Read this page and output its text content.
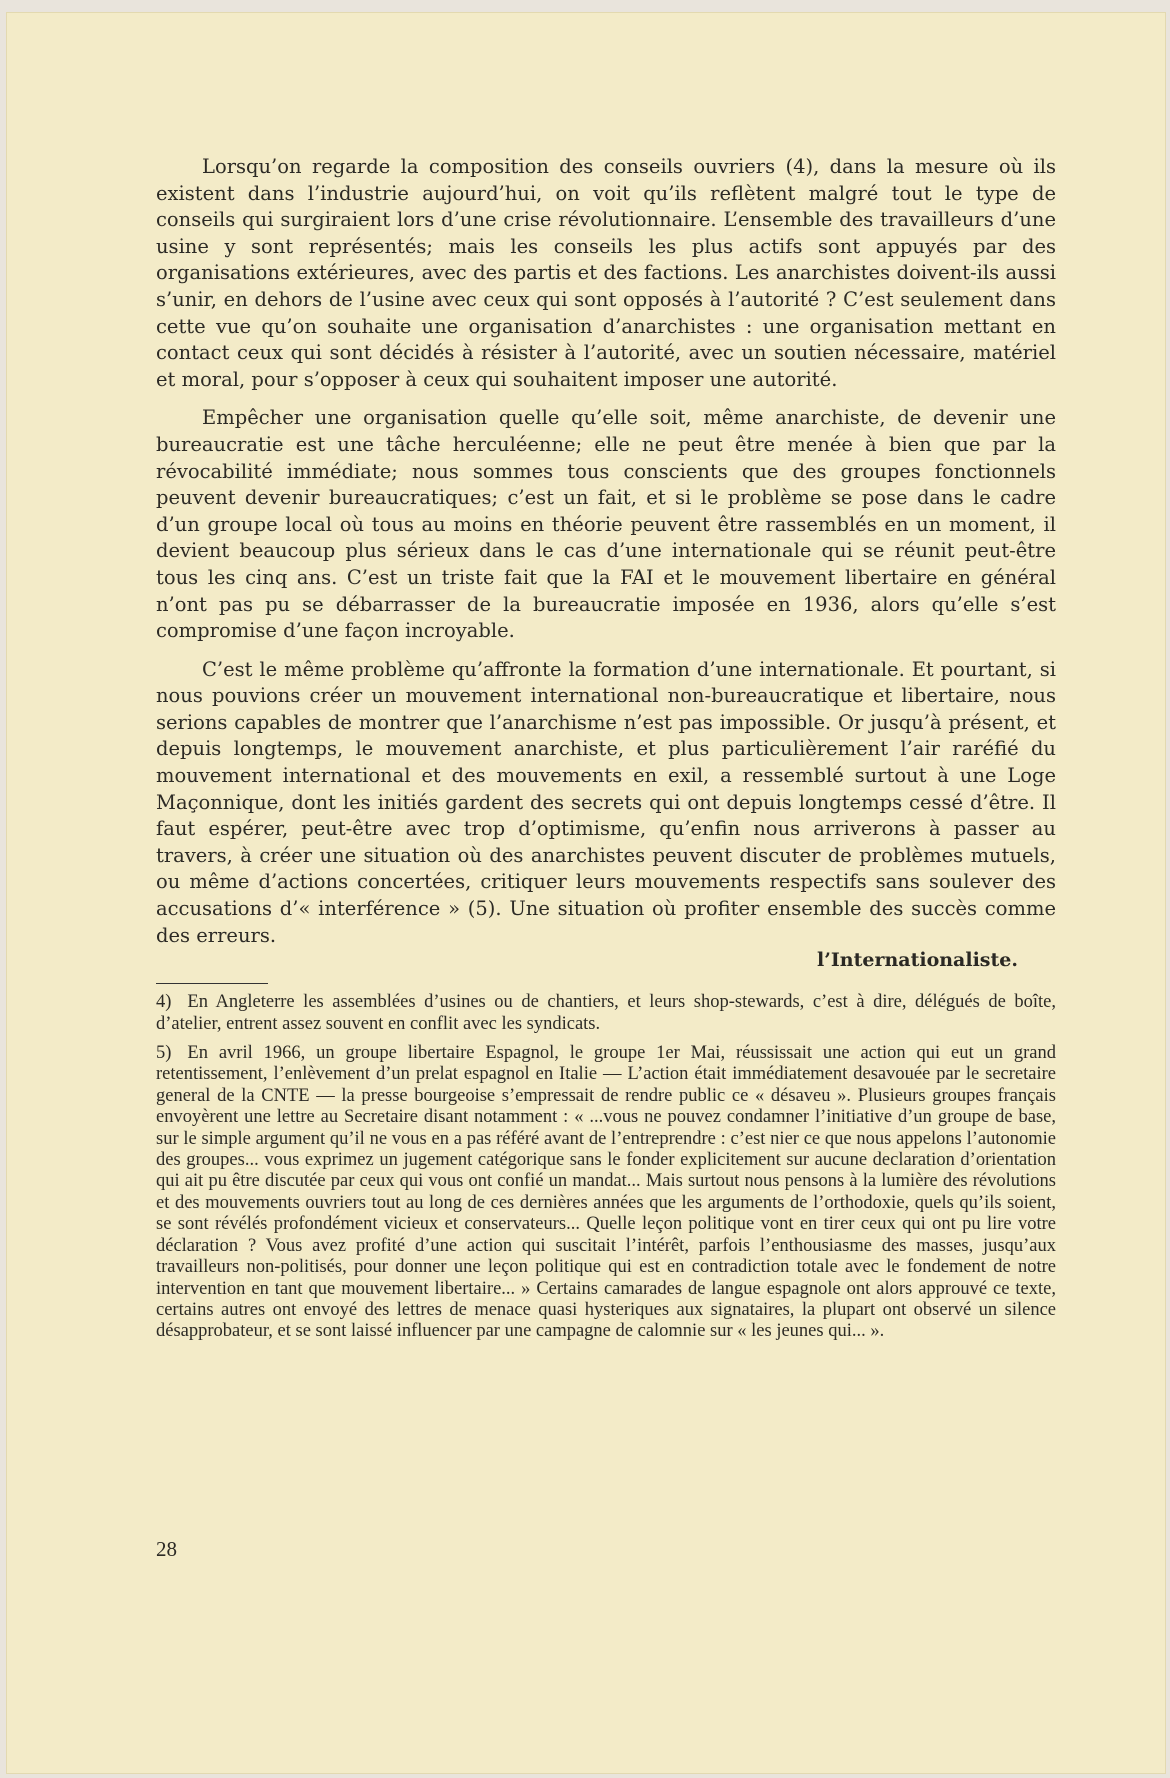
Lorsqu’on regarde la composition des conseils ouvriers (4), dans la mesure où ils existent dans l’industrie aujourd’hui, on voit qu’ils reflètent malgré tout le type de conseils qui surgiraient lors d’une crise révolutionnaire. L’ensemble des travailleurs d’une usine y sont représentés; mais les conseils les plus actifs sont appuyés par des organisations extérieures, avec des partis et des factions. Les anarchistes doivent-ils aussi s’unir, en dehors de l’usine avec ceux qui sont opposés à l’autorité ? C’est seulement dans cette vue qu’on souhaite une organisation d’anarchistes : une organisation mettant en contact ceux qui sont décidés à résister à l’autorité, avec un soutien nécessaire, matériel et moral, pour s’opposer à ceux qui souhaitent imposer une autorité.

Empêcher une organisation quelle qu’elle soit, même anarchiste, de devenir une bureaucratie est une tâche herculéenne; elle ne peut être menée à bien que par la révocabilité immédiate; nous sommes tous conscients que des groupes fonctionnels peuvent devenir bureaucratiques; c’est un fait, et si le problème se pose dans le cadre d’un groupe local où tous au moins en théorie peuvent être rassemblés en un moment, il devient beaucoup plus sérieux dans le cas d’une internationale qui se réunit peut-être tous les cinq ans. C’est un triste fait que la FAI et le mouvement libertaire en général n’ont pas pu se débarrasser de la bureaucratie imposée en 1936, alors qu’elle s’est compromise d’une façon incroyable.

C’est le même problème qu’affronte la formation d’une internationale. Et pourtant, si nous pouvions créer un mouvement international non-bureaucratique et libertaire, nous serions capables de montrer que l’anarchisme n’est pas impossible. Or jusqu’à présent, et depuis longtemps, le mouvement anarchiste, et plus particulièrement l’air raréfié du mouvement international et des mouvements en exil, a ressemblé surtout à une Loge Maçonnique, dont les initiés gardent des secrets qui ont depuis longtemps cessé d’être. Il faut espérer, peut-être avec trop d’optimisme, qu’enfin nous arriverons à passer au travers, à créer une situation où des anarchistes peuvent discuter de problèmes mutuels, ou même d’actions concertées, critiquer leurs mouvements respectifs sans soulever des accusations d’« interférence » (5). Une situation où profiter ensemble des succès comme des erreurs.

l’Internationaliste.

4) En Angleterre les assemblées d’usines ou de chantiers, et leurs shop-stewards, c’est à dire, délégués de boîte, d’atelier, entrent assez souvent en conflit avec les syndicats.

5) En avril 1966, un groupe libertaire Espagnol, le groupe 1er Mai, réussissait une action qui eut un grand retentissement, l’enlèvement d’un prelat espagnol en Italie — L’action était immédiatement desavouée par le secretaire general de la CNTE — la presse bourgeoise s’empressait de rendre public ce « désaveu ». Plusieurs groupes français envoyèrent une lettre au Secretaire disant notamment : « ...vous ne pouvez condamner l’initiative d’un groupe de base, sur le simple argument qu’il ne vous en a pas référé avant de l’entreprendre : c’est nier ce que nous appelons l’autonomie des groupes... vous exprimez un jugement catégorique sans le fonder explicitement sur aucune declaration d’orientation qui ait pu être discutée par ceux qui vous ont confié un mandat... Mais surtout nous pensons à la lumière des révolutions et des mouvements ouvriers tout au long de ces dernières années que les arguments de l’orthodoxie, quels qu’ils soient, se sont révélés profondément vicieux et conservateurs... Quelle leçon politique vont en tirer ceux qui ont pu lire votre déclaration ? Vous avez profité d’une action qui suscitait l’intérêt, parfois l’enthousiasme des masses, jusqu’aux travailleurs non-politisés, pour donner une leçon politique qui est en contradiction totale avec le fondement de notre intervention en tant que mouvement libertaire... » Certains camarades de langue espagnole ont alors approuvé ce texte, certains autres ont envoyé des lettres de menace quasi hysteriques aux signataires, la plupart ont observé un silence désapprobateur, et se sont laissé influencer par une campagne de calomnie sur « les jeunes qui... ».

28
